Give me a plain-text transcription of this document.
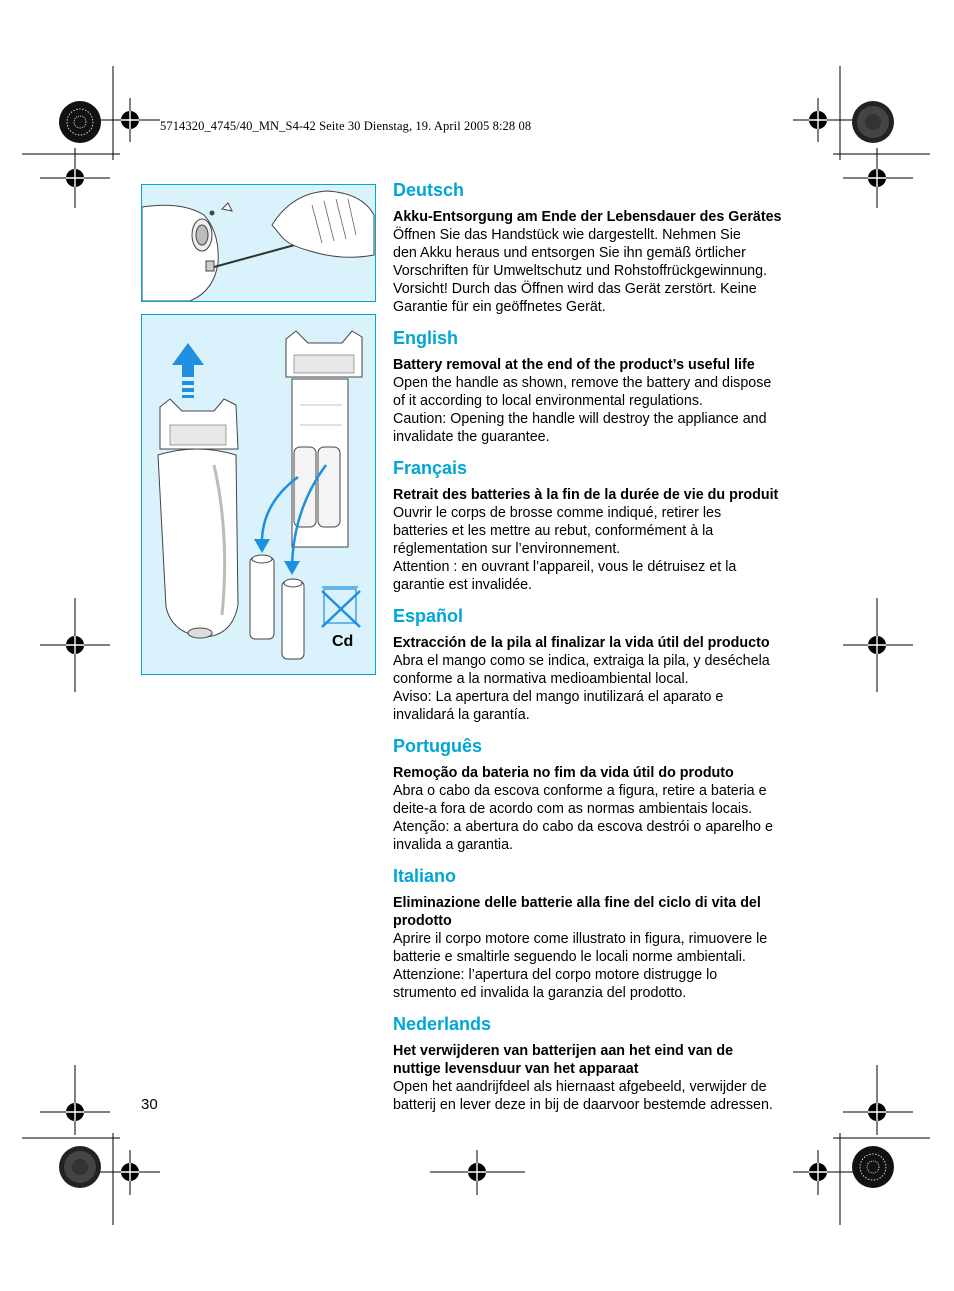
5714320_4745/40_MN_S4-42 Seite 30 Dienstag, 19. April 2005 8:28 08
Cd
Deutsch
Akku-Entsorgung am Ende der Lebensdauer des Gerätes
Öffnen Sie das Handstück wie dargestellt. Nehmen Sie
den Akku heraus und entsorgen Sie ihn gemäß örtlicher
Vorschriften für Umweltschutz und Rohstoffrückgewinnung.
Vorsicht! Durch das Öffnen wird das Gerät zerstört. Keine
Garantie für ein geöffnetes Gerät.
English
Battery removal at the end of the product’s useful life
Open the handle as shown, remove the battery and dispose
of it according to local environmental regulations.
Caution: Opening the handle will destroy the appliance and
invalidate the guarantee.
Français
Retrait des batteries à la fin de la durée de vie du produit
Ouvrir le corps de brosse comme indiqué, retirer les
batteries et les mettre au rebut, conformément à la
réglementation sur l’environnement.
Attention : en ouvrant l’appareil, vous le détruisez et la
garantie est invalidée.
Español
Extracción de la pila al finalizar la vida útil del producto
Abra el mango como se indica, extraiga la pila, y deséchela
conforme a la normativa medioambiental local.
Aviso: La apertura del mango inutilizará el aparato e
invalidará la garantía.
Português
Remoção da bateria no fim da vida útil do produto
Abra o cabo da escova conforme a figura, retire a bateria e
deite-a fora de acordo com as normas ambientais locais.
Atenção: a abertura do cabo da escova destrói o aparelho e
invalida a garantia.
Italiano
Eliminazione delle batterie alla fine del ciclo di vita del
prodotto
Aprire il corpo motore come illustrato in figura, rimuovere le
batterie e smaltirle seguendo le locali norme ambientali.
Attenzione: l’apertura del corpo motore distrugge lo
strumento ed invalida la garanzia del prodotto.
Nederlands
Het verwijderen van batterijen aan het eind van de
nuttige levensduur van het apparaat
Open het aandrijfdeel als hiernaast afgebeeld, verwijder de
batterij en lever deze in bij de daarvoor bestemde adressen.
30
